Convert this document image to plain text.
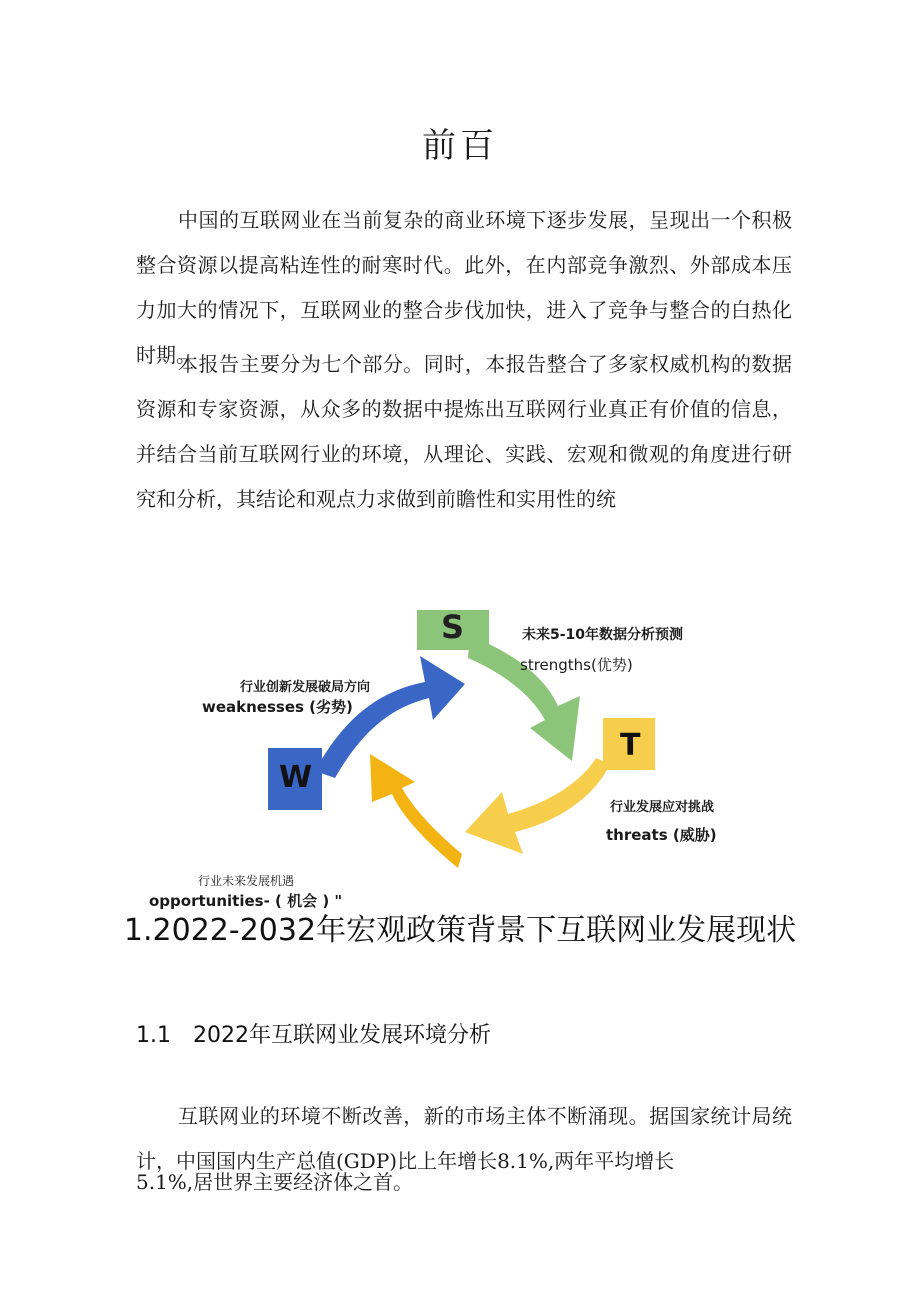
前百

中国的互联网业在当前复杂的商业环境下逐步发展，呈现出一个积极整合资源以提高粘连性的耐寒时代。此外，在内部竞争激烈、外部成本压力加大的情况下，互联网业的整合步伐加快，进入了竞争与整合的白热化时期。

本报告主要分为七个部分。同时，本报告整合了多家权威机构的数据资源和专家资源，从众多的数据中提炼出互联网行业真正有价值的信息，并结合当前互联网行业的环境，从理论、实践、宏观和微观的角度进行研究和分析，其结论和观点力求做到前瞻性和实用性的统

S
W
T
未来5-10年数据分析预测
strengths(优势)
行业创新发展破局方向
weaknesses (劣势)
行业发展应对挑战
threats (威胁)
行业未来发展机遇
opportunities- ( 机会 ) "
1.2022-2032年宏观政策背景下互联网业发展现状
1.1 2022年互联网业发展环境分析

互联网业的环境不断改善，新的市场主体不断涌现。据国家统计局统计，中国国内生产总值(GDP)比上年增长8.1%,两年平均增长

5.1%,居世界主要经济体之首。
